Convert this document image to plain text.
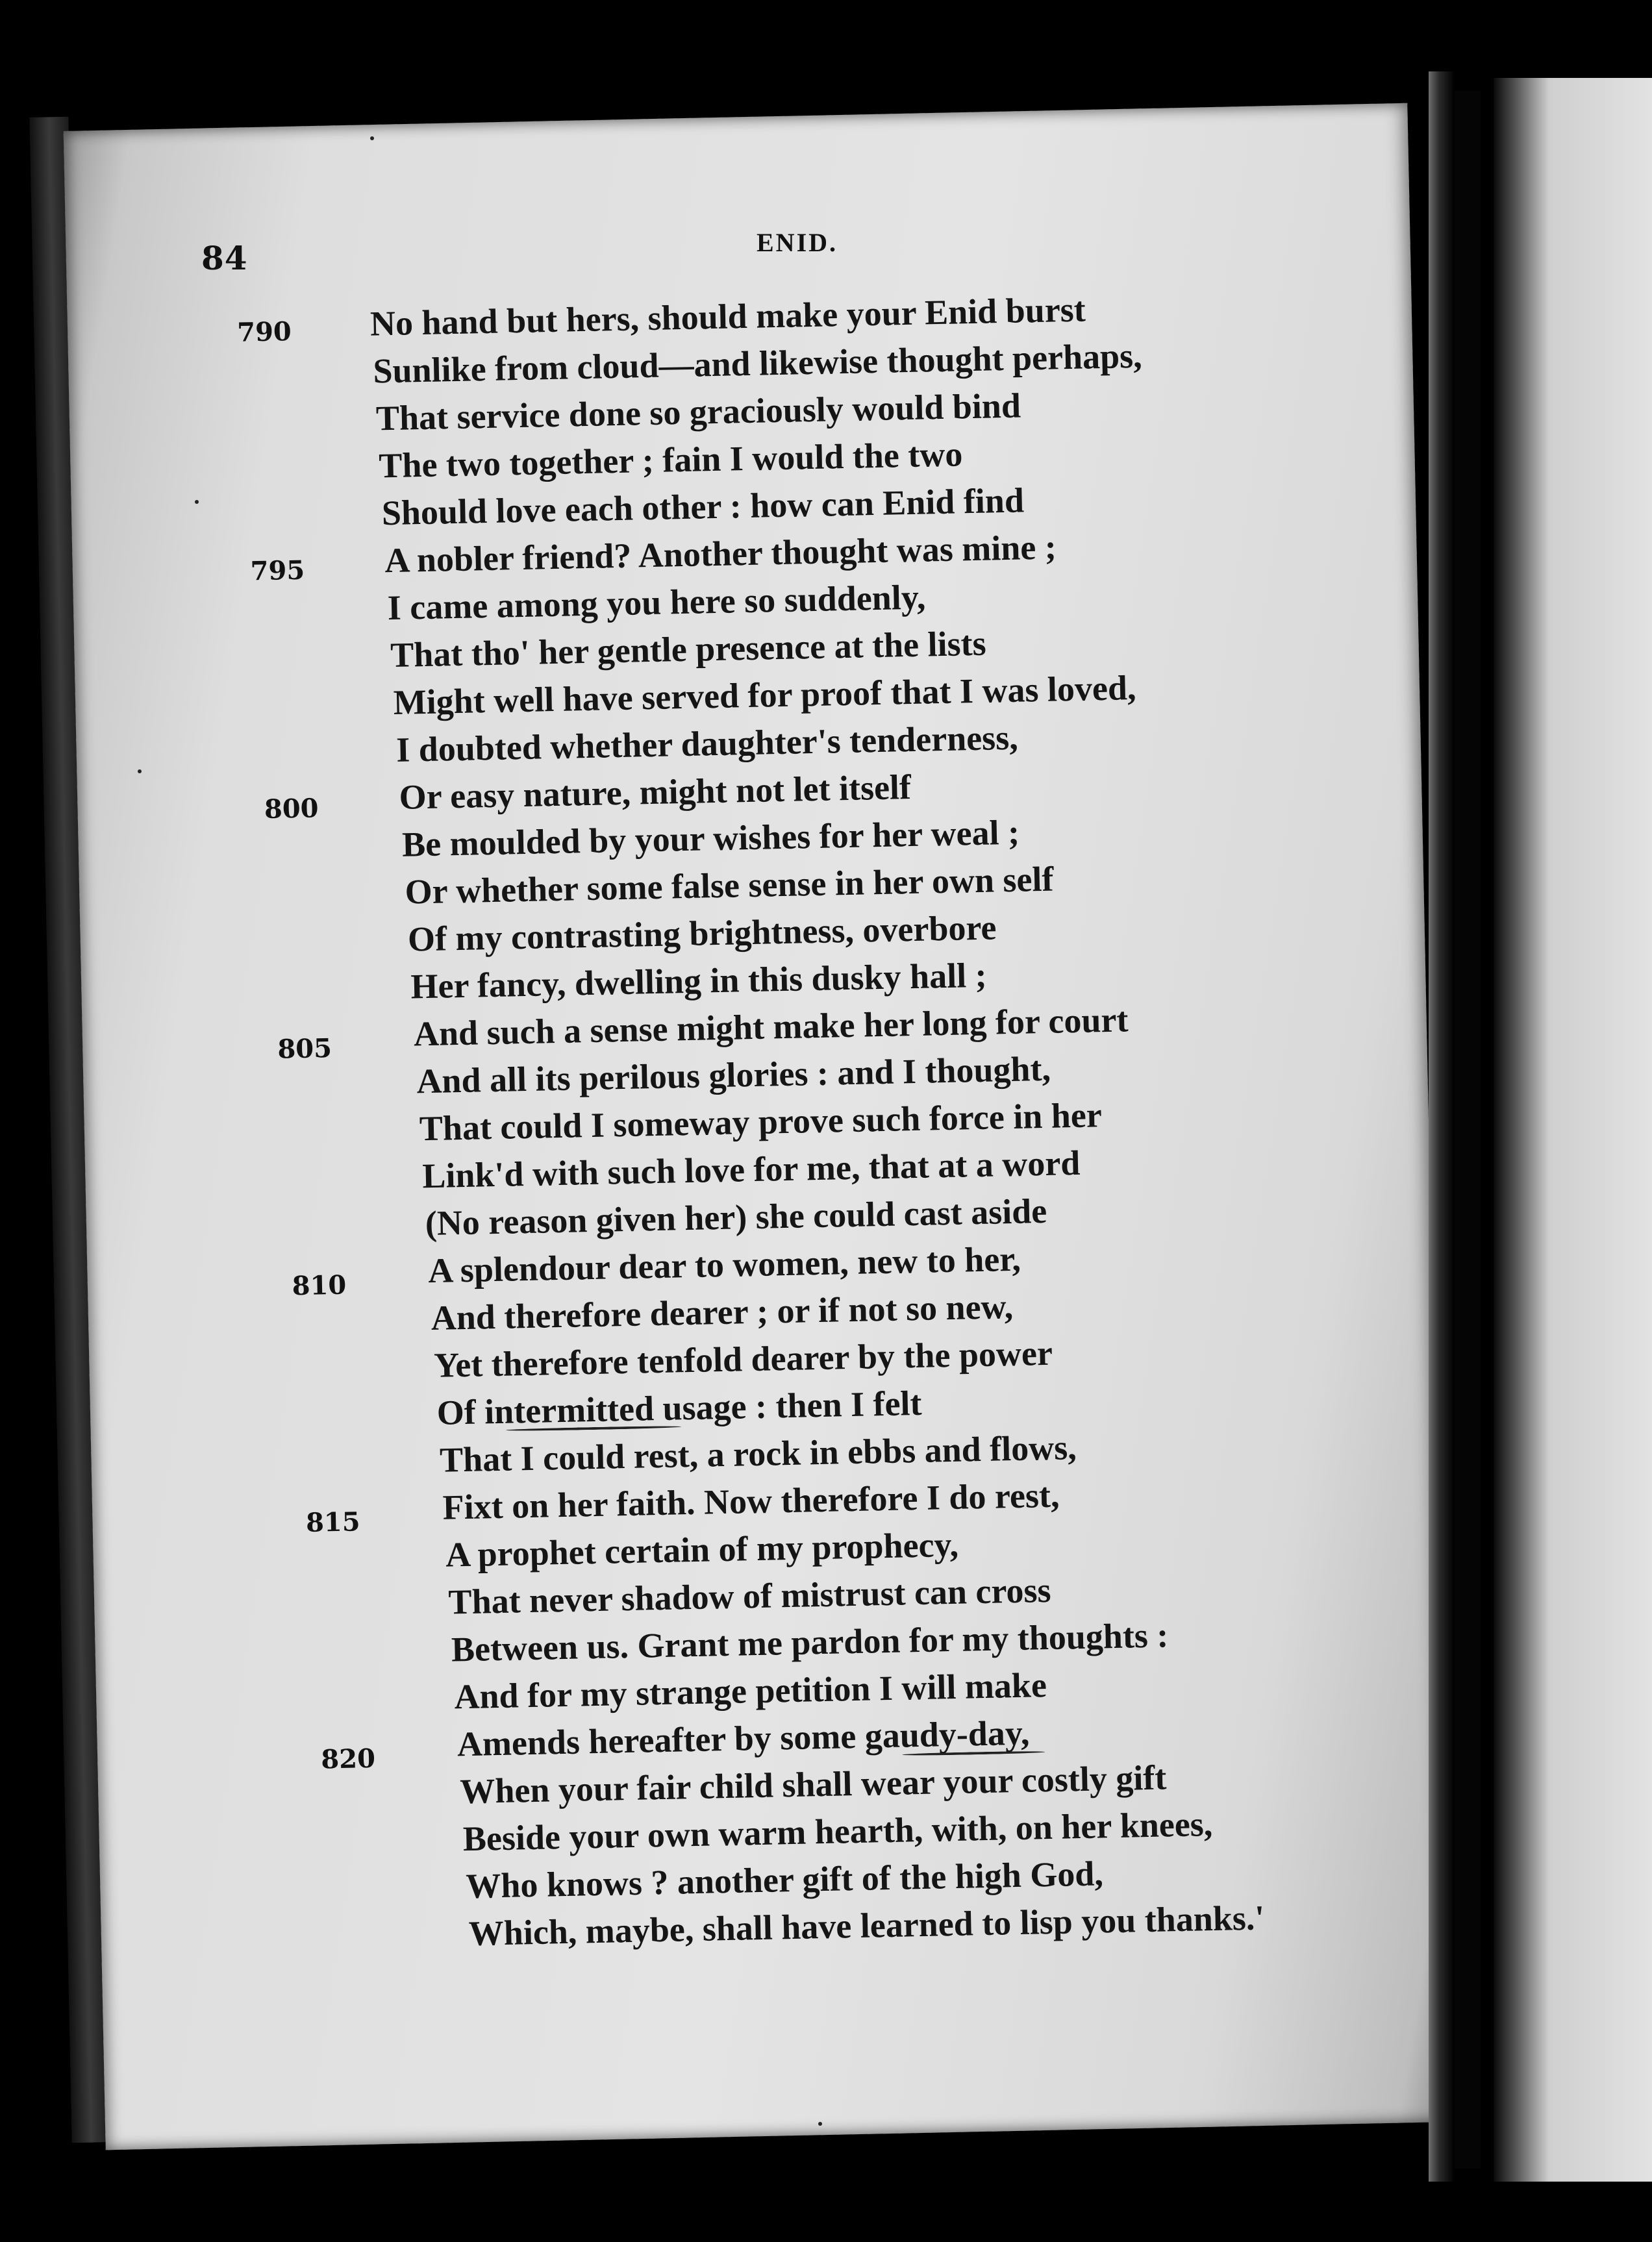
84	ENID.
790
795
800
805
810
815
820
No hand but hers, should make your Enid burst
Sunlike from cloud—and likewise thought perhaps,
That service done so graciously would bind
The two together ; fain I would the two
Should love each other : how can Enid find
A nobler friend? Another thought was mine ;
I came among you here so suddenly,
That tho' her gentle presence at the lists
Might well have served for proof that I was loved,
I doubted whether daughter's tenderness,
Or easy nature, might not let itself
Be moulded by your wishes for her weal ;
Or whether some false sense in her own self
Of my contrasting brightness, overbore
Her fancy, dwelling in this dusky hall ;
And such a sense might make her long for court
And all its perilous glories : and I thought,
That could I someway prove such force in her
Link'd with such love for me, that at a word
(No reason given her) she could cast aside
A splendour dear to women, new to her,
And therefore dearer ; or if not so new,
Yet therefore tenfold dearer by the power
Of intermitted usage : then I felt
That I could rest, a rock in ebbs and flows,
Fixt on her faith. Now therefore I do rest,
A prophet certain of my prophecy,
That never shadow of mistrust can cross
Between us. Grant me pardon for my thoughts :
And for my strange petition I will make
Amends hereafter by some gaudy-day,
When your fair child shall wear your costly gift
Beside your own warm hearth, with, on her knees,
Who knows ? another gift of the high God,
Which, maybe, shall have learned to lisp you thanks.'
